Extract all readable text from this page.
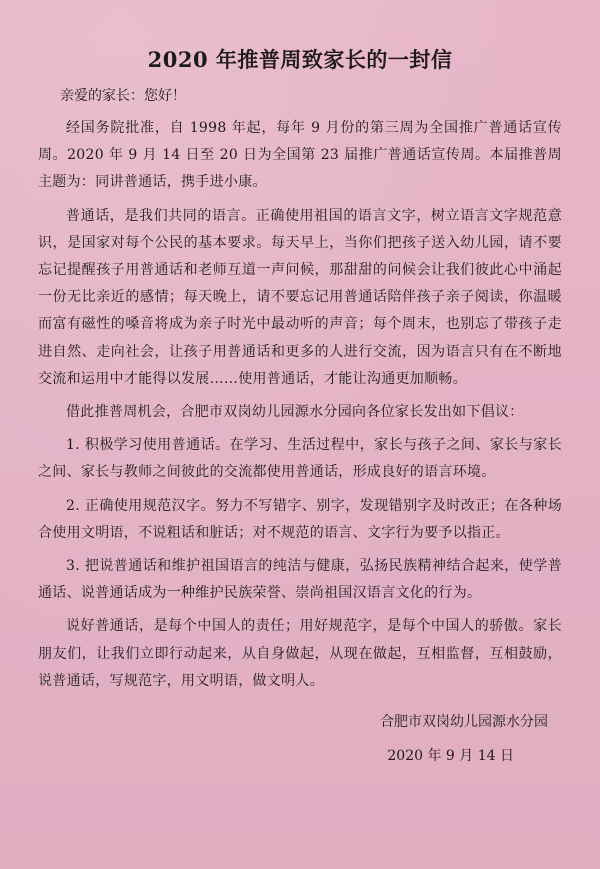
2020 年推普周致家长的一封信
亲爱的家长：您好！

经国务院批准，自 1998 年起，每年 9 月份的第三周为全国推广普通话宣传周。2020 年 9 月 14 日至 20 日为全国第 23 届推广普通话宣传周。本届推普周主题为：同讲普通话，携手进小康。

普通话，是我们共同的语言。正确使用祖国的语言文字，树立语言文字规范意识，是国家对每个公民的基本要求。每天早上，当你们把孩子送入幼儿园，请不要忘记提醒孩子用普通话和老师互道一声问候，那甜甜的问候会让我们彼此心中涌起一份无比亲近的感情；每天晚上，请不要忘记用普通话陪伴孩子亲子阅读，你温暖而富有磁性的嗓音将成为亲子时光中最动听的声音；每个周末，也别忘了带孩子走进自然、走向社会，让孩子用普通话和更多的人进行交流，因为语言只有在不断地交流和运用中才能得以发展……使用普通话，才能让沟通更加顺畅。

借此推普周机会，合肥市双岗幼儿园源水分园向各位家长发出如下倡议：

1. 积极学习使用普通话。在学习、生活过程中，家长与孩子之间、家长与家长之间、家长与教师之间彼此的交流都使用普通话，形成良好的语言环境。

2. 正确使用规范汉字。努力不写错字、别字，发现错别字及时改正；在各种场合使用文明语，不说粗话和脏话；对不规范的语言、文字行为要予以指正。

3. 把说普通话和维护祖国语言的纯洁与健康，弘扬民族精神结合起来，使学普通话、说普通话成为一种维护民族荣誉、崇尚祖国汉语言文化的行为。

说好普通话，是每个中国人的责任；用好规范字，是每个中国人的骄傲。家长朋友们，让我们立即行动起来，从自身做起，从现在做起，互相监督，互相鼓励，说普通话，写规范字，用文明语，做文明人。

合肥市双岗幼儿园源水分园
2020 年 9 月 14 日
